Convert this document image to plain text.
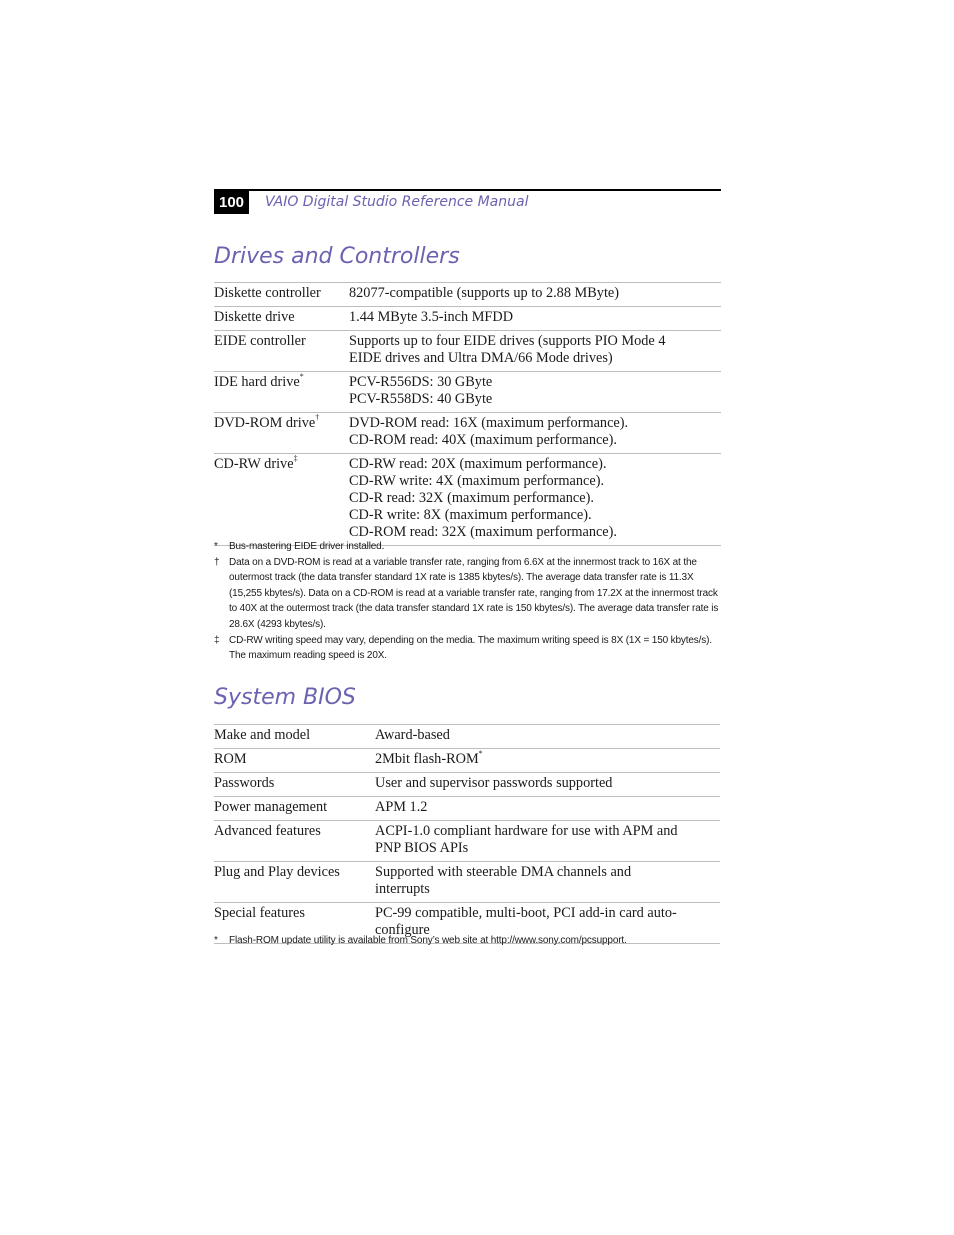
100	VAIO Digital Studio Reference Manual
Drives and Controllers
Diskette controller	82077-compatible (supports up to 2.88 MByte)

Diskette drive	1.44 MByte 3.5-inch MFDD

EIDE controller	Supports up to four EIDE drives (supports PIO Mode 4
EIDE drives and Ultra DMA/66 Mode drives)

IDE hard drive*	PCV-R556DS: 30 GByte
PCV-R558DS: 40 GByte

DVD-ROM drive†	DVD-ROM read: 16X (maximum performance).
CD-ROM read: 40X (maximum performance).

CD-RW drive‡	CD-RW read: 20X (maximum performance).
CD-RW write: 4X (maximum performance).
CD-R read: 32X (maximum performance).
CD-R write: 8X (maximum performance).
CD-ROM read: 32X (maximum performance).
* Bus-mastering EIDE driver installed.
† Data on a DVD-ROM is read at a variable transfer rate, ranging from 6.6X at the innermost track to 16X at the outermost track (the data transfer standard 1X rate is 1385 kbytes/s). The average data transfer rate is 11.3X (15,255 kbytes/s). Data on a CD-ROM is read at a variable transfer rate, ranging from 17.2X at the innermost track to 40X at the outermost track (the data transfer standard 1X rate is 150 kbytes/s). The average data transfer rate is 28.6X (4293 kbytes/s).
‡ CD-RW writing speed may vary, depending on the media. The maximum writing speed is 8X (1X = 150 kbytes/s). The maximum reading speed is 20X.
System BIOS
Make and model	Award-based

ROM	2Mbit flash-ROM*

Passwords	User and supervisor passwords supported

Power management	APM 1.2

Advanced features	ACPI-1.0 compliant hardware for use with APM and
PNP BIOS APIs

Plug and Play devices	Supported with steerable DMA channels and
interrupts

Special features	PC-99 compatible, multi-boot, PCI add-in card auto-
configure
* Flash-ROM update utility is available from Sony’s web site at http://www.sony.com/pcsupport.
